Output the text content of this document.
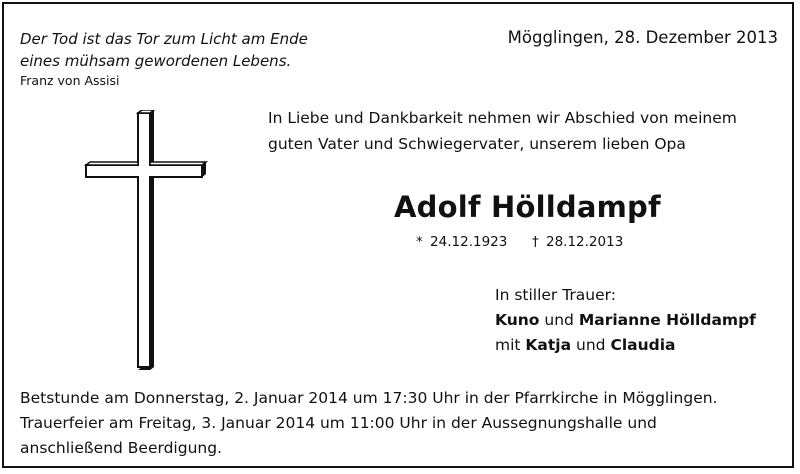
Der Tod ist das Tor zum Licht am Ende
eines mühsam gewordenen Lebens.
Franz von Assisi
Mögglingen, 28. Dezember 2013
In Liebe und Dankbarkeit nehmen wir Abschied von meinem
guten Vater und Schwiegervater, unserem lieben Opa
Adolf Hölldampf
* 24.12.1923 † 28.12.2013
In stiller Trauer:
Kuno und Marianne Hölldampf
mit Katja und Claudia
Betstunde am Donnerstag, 2. Januar 2014 um 17:30 Uhr in der Pfarrkirche in Mögglingen.
Trauerfeier am Freitag, 3. Januar 2014 um 11:00 Uhr in der Aussegnungshalle und
anschließend Beerdigung.
